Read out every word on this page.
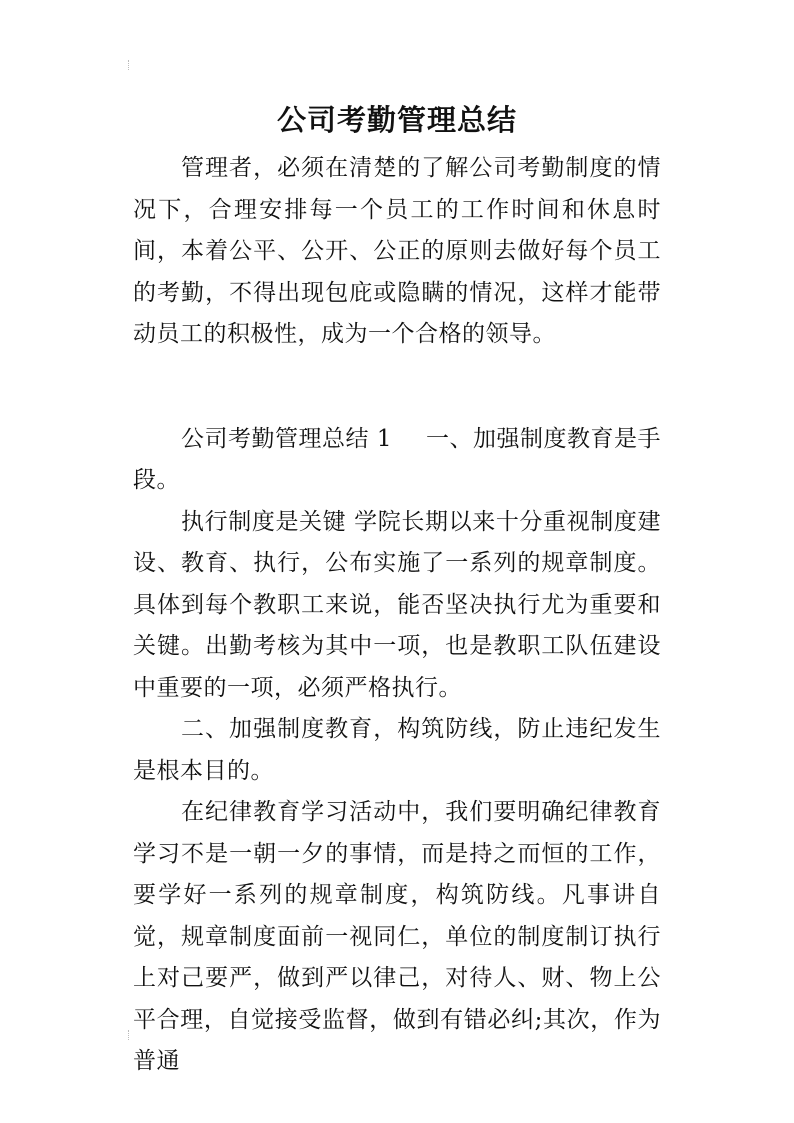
公司考勤管理总结

管理者，必须在清楚的了解公司考勤制度的情况下，合理安排每一个员工的工作时间和休息时间，本着公平、公开、公正的原则去做好每个员工的考勤，不得出现包庇或隐瞒的情况，这样才能带动员工的积极性，成为一个合格的领导。

公司考勤管理总结 1 一、加强制度教育是手段。

执行制度是关键 学院长期以来十分重视制度建设、教育、执行，公布实施了一系列的规章制度。具体到每个教职工来说，能否坚决执行尤为重要和关键。出勤考核为其中一项，也是教职工队伍建设中重要的一项，必须严格执行。

二、加强制度教育，构筑防线，防止违纪发生是根本目的。

在纪律教育学习活动中，我们要明确纪律教育学习不是一朝一夕的事情，而是持之而恒的工作，要学好一系列的规章制度，构筑防线。凡事讲自觉，规章制度面前一视同仁，单位的制度制订执行上对己要严，做到严以律己，对待人、财、物上公平合理，自觉接受监督，做到有错必纠;其次，作为普通
